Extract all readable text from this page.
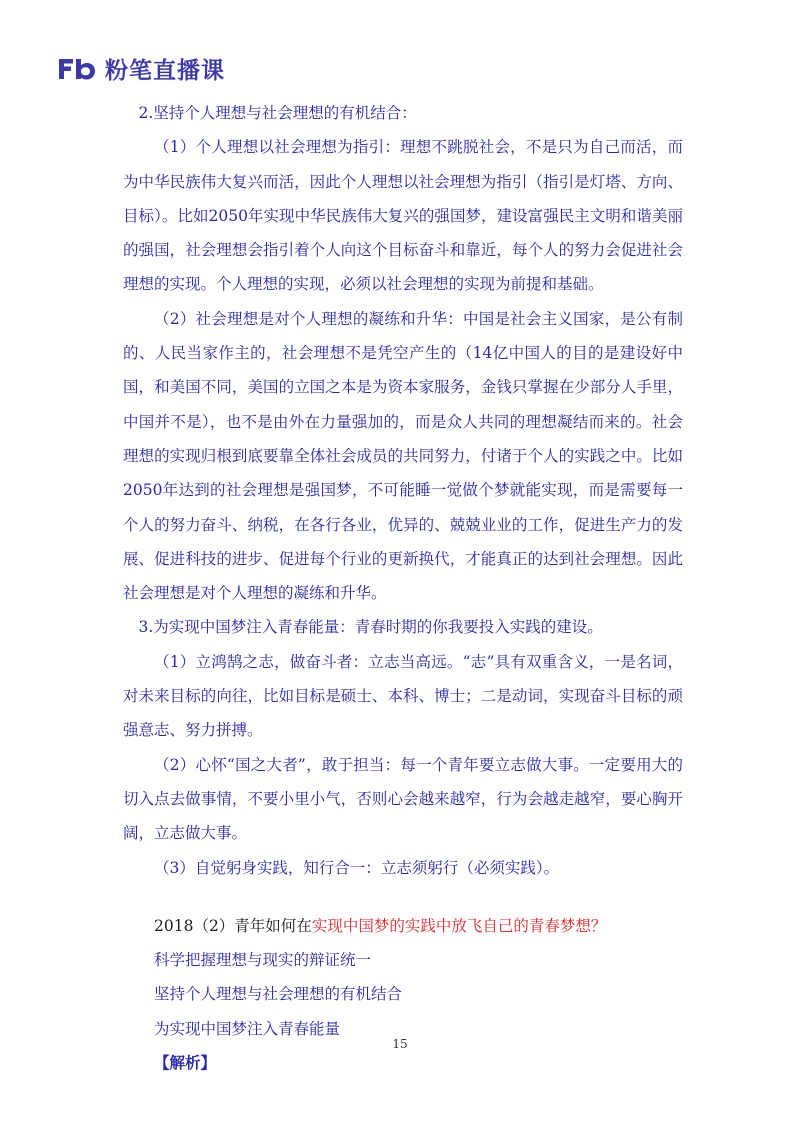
粉笔直播课

2.坚持个人理想与社会理想的有机结合：

（1）个人理想以社会理想为指引：理想不跳脱社会，不是只为自己而活，而为中华民族伟大复兴而活，因此个人理想以社会理想为指引（指引是灯塔、方向、目标）。比如2050年实现中华民族伟大复兴的强国梦，建设富强民主文明和谐美丽的强国，社会理想会指引着个人向这个目标奋斗和靠近，每个人的努力会促进社会理想的实现。个人理想的实现，必须以社会理想的实现为前提和基础。

（2）社会理想是对个人理想的凝练和升华：中国是社会主义国家，是公有制的、人民当家作主的，社会理想不是凭空产生的（14亿中国人的目的是建设好中国，和美国不同，美国的立国之本是为资本家服务，金钱只掌握在少部分人手里，中国并不是），也不是由外在力量强加的，而是众人共同的理想凝结而来的。社会理想的实现归根到底要靠全体社会成员的共同努力，付诸于个人的实践之中。比如2050年达到的社会理想是强国梦，不可能睡一觉做个梦就能实现，而是需要每一个人的努力奋斗、纳税，在各行各业，优异的、兢兢业业的工作，促进生产力的发展、促进科技的进步、促进每个行业的更新换代，才能真正的达到社会理想。因此社会理想是对个人理想的凝练和升华。

3.为实现中国梦注入青春能量：青春时期的你我要投入实践的建设。

（1）立鸿鹄之志，做奋斗者：立志当高远。“志”具有双重含义，一是名词，对未来目标的向往，比如目标是硕士、本科、博士；二是动词，实现奋斗目标的顽强意志、努力拼搏。

（2）心怀“国之大者”，敢于担当：每一个青年要立志做大事。一定要用大的切入点去做事情，不要小里小气，否则心会越来越窄，行为会越走越窄，要心胸开阔，立志做大事。

（3）自觉躬身实践，知行合一：立志须躬行（必须实践）。

2018（2）青年如何在实现中国梦的实践中放飞自己的青春梦想？

科学把握理想与现实的辩证统一

坚持个人理想与社会理想的有机结合

为实现中国梦注入青春能量

【解析】

15
